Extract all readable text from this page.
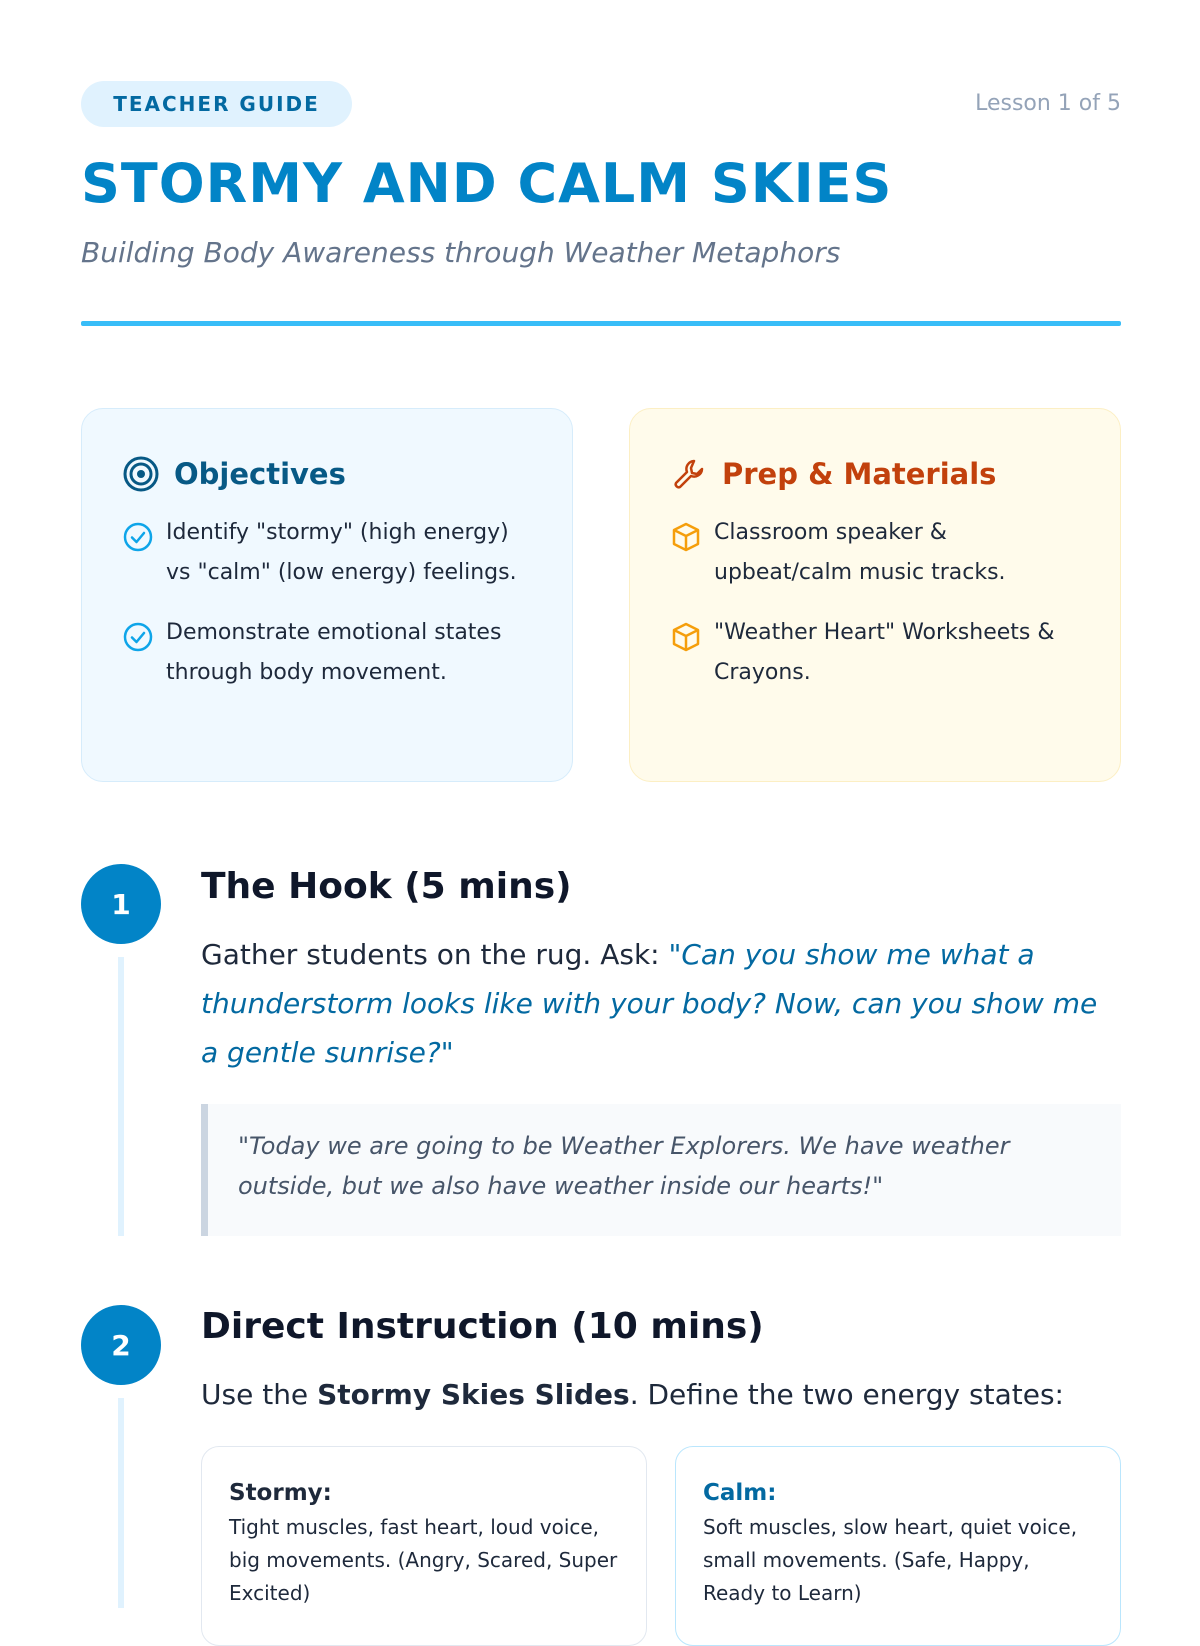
TEACHER GUIDE	Lesson 1 of 5
STORMY AND CALM SKIES

Building Body Awareness through Weather Metaphors

Objectives
Identify "stormy" (high energy) vs "calm" (low energy) feelings.
Demonstrate emotional states through body movement.
Prep & Materials
Classroom speaker & upbeat/calm music tracks.
"Weather Heart" Worksheets & Crayons.
1	The Hook (5 mins)

Gather students on the rug. Ask: "Can you show me what a thunderstorm looks like with your body? Now, can you show me a gentle sunrise?"

"Today we are going to be Weather Explorers. We have weather outside, but we also have weather inside our hearts!"
2	Direct Instruction (10 mins)

Use the Stormy Skies Slides. Define the two energy states:

Stormy:
Tight muscles, fast heart, loud voice, big movements. (Angry, Scared, Super Excited)
Calm:
Soft muscles, slow heart, quiet voice, small movements. (Safe, Happy, Ready to Learn)
